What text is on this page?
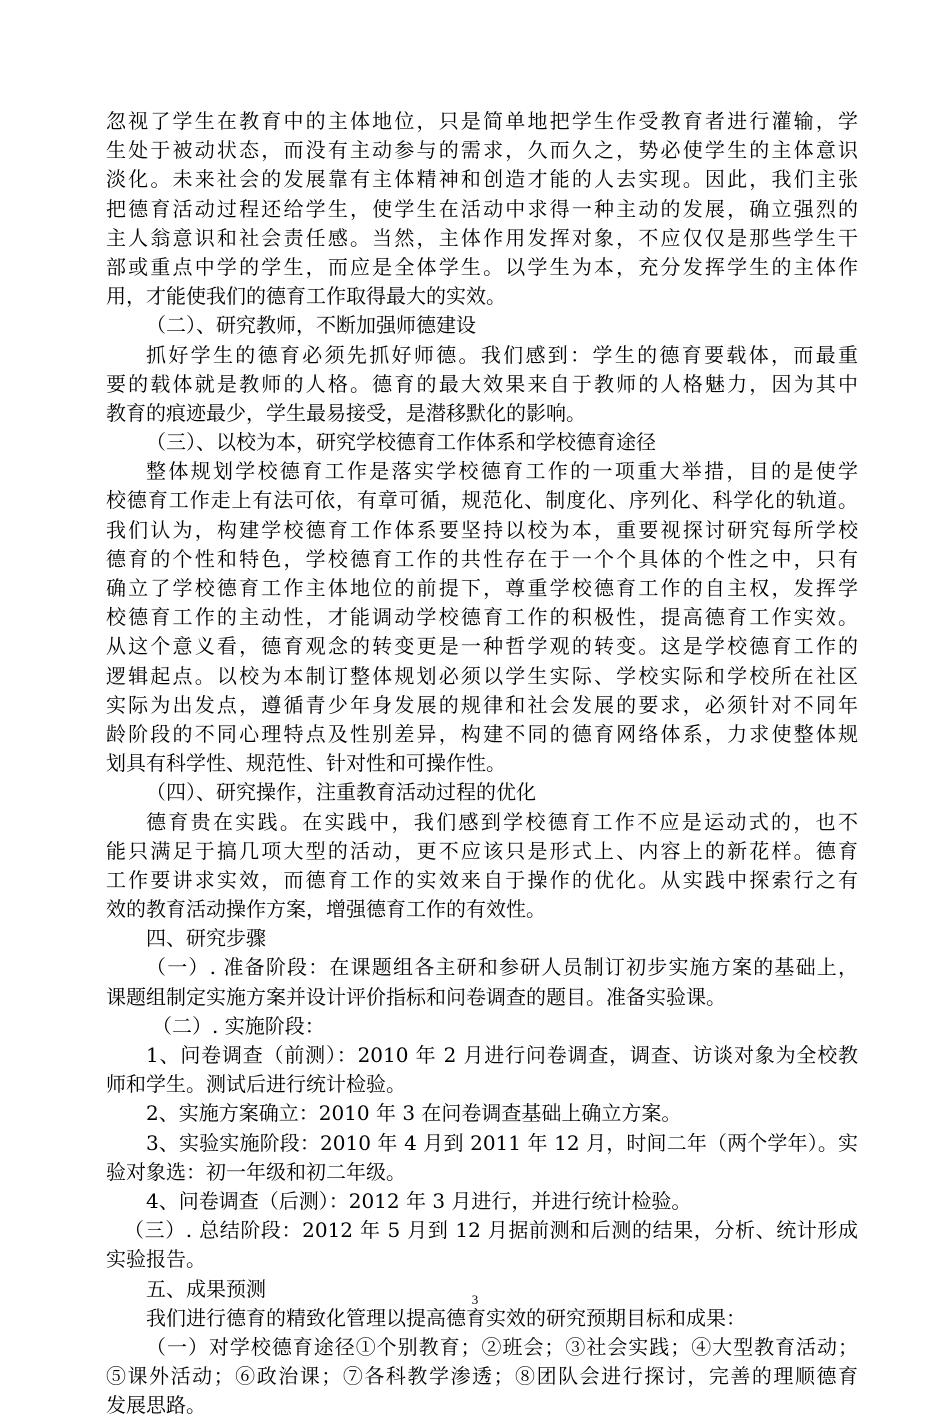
忽视了学生在教育中的主体地位，只是简单地把学生作受教育者进行灌输，学
生处于被动状态，而没有主动参与的需求，久而久之，势必使学生的主体意识
淡化。未来社会的发展靠有主体精神和创造才能的人去实现。因此，我们主张
把德育活动过程还给学生，使学生在活动中求得一种主动的发展，确立强烈的
主人翁意识和社会责任感。当然，主体作用发挥对象，不应仅仅是那些学生干
部或重点中学的学生，而应是全体学生。以学生为本，充分发挥学生的主体作
用，才能使我们的德育工作取得最大的实效。
（二）、研究教师，不断加强师德建设
抓好学生的德育必须先抓好师德。我们感到：学生的德育要载体，而最重
要的载体就是教师的人格。德育的最大效果来自于教师的人格魅力，因为其中
教育的痕迹最少，学生最易接受，是潜移默化的影响。
（三）、以校为本，研究学校德育工作体系和学校德育途径
整体规划学校德育工作是落实学校德育工作的一项重大举措，目的是使学
校德育工作走上有法可依，有章可循，规范化、制度化、序列化、科学化的轨道。
我们认为，构建学校德育工作体系要坚持以校为本，重要视探讨研究每所学校
德育的个性和特色，学校德育工作的共性存在于一个个具体的个性之中，只有
确立了学校德育工作主体地位的前提下，尊重学校德育工作的自主权，发挥学
校德育工作的主动性，才能调动学校德育工作的积极性，提高德育工作实效。
从这个意义看，德育观念的转变更是一种哲学观的转变。这是学校德育工作的
逻辑起点。以校为本制订整体规划必须以学生实际、学校实际和学校所在社区
实际为出发点，遵循青少年身发展的规律和社会发展的要求，必须针对不同年
龄阶段的不同心理特点及性别差异，构建不同的德育网络体系，力求使整体规
划具有科学性、规范性、针对性和可操作性。
（四）、研究操作，注重教育活动过程的优化
德育贵在实践。在实践中，我们感到学校德育工作不应是运动式的，也不
能只满足于搞几项大型的活动，更不应该只是形式上、内容上的新花样。德育
工作要讲求实效，而德育工作的实效来自于操作的优化。从实践中探索行之有
效的教育活动操作方案，增强德育工作的有效性。
四、研究步骤
（一）. 准备阶段：在课题组各主研和参研人员制订初步实施方案的基础上，
课题组制定实施方案并设计评价指标和问卷调查的题目。准备实验课。
（二）. 实施阶段：
1、问卷调查（前测）：2010 年 2 月进行问卷调查，调查、访谈对象为全校教
师和学生。测试后进行统计检验。
2、实施方案确立：2010 年 3 在问卷调查基础上确立方案。
3、实验实施阶段：2010 年 4 月到 2011 年 12 月，时间二年（两个学年）。实
验对象选：初一年级和初二年级。
4、问卷调查（后测）：2012 年 3 月进行，并进行统计检验。
（三）. 总结阶段：2012 年 5 月到 12 月据前测和后测的结果，分析、统计形成
实验报告。
五、成果预测
我们进行德育的精致化管理以提高德育实效的研究预期目标和成果：
（一）对学校德育途径①个别教育；②班会；③社会实践；④大型教育活动；
⑤课外活动；⑥政治课；⑦各科教学渗透；⑧团队会进行探讨，完善的理顺德育
发展思路。
3
